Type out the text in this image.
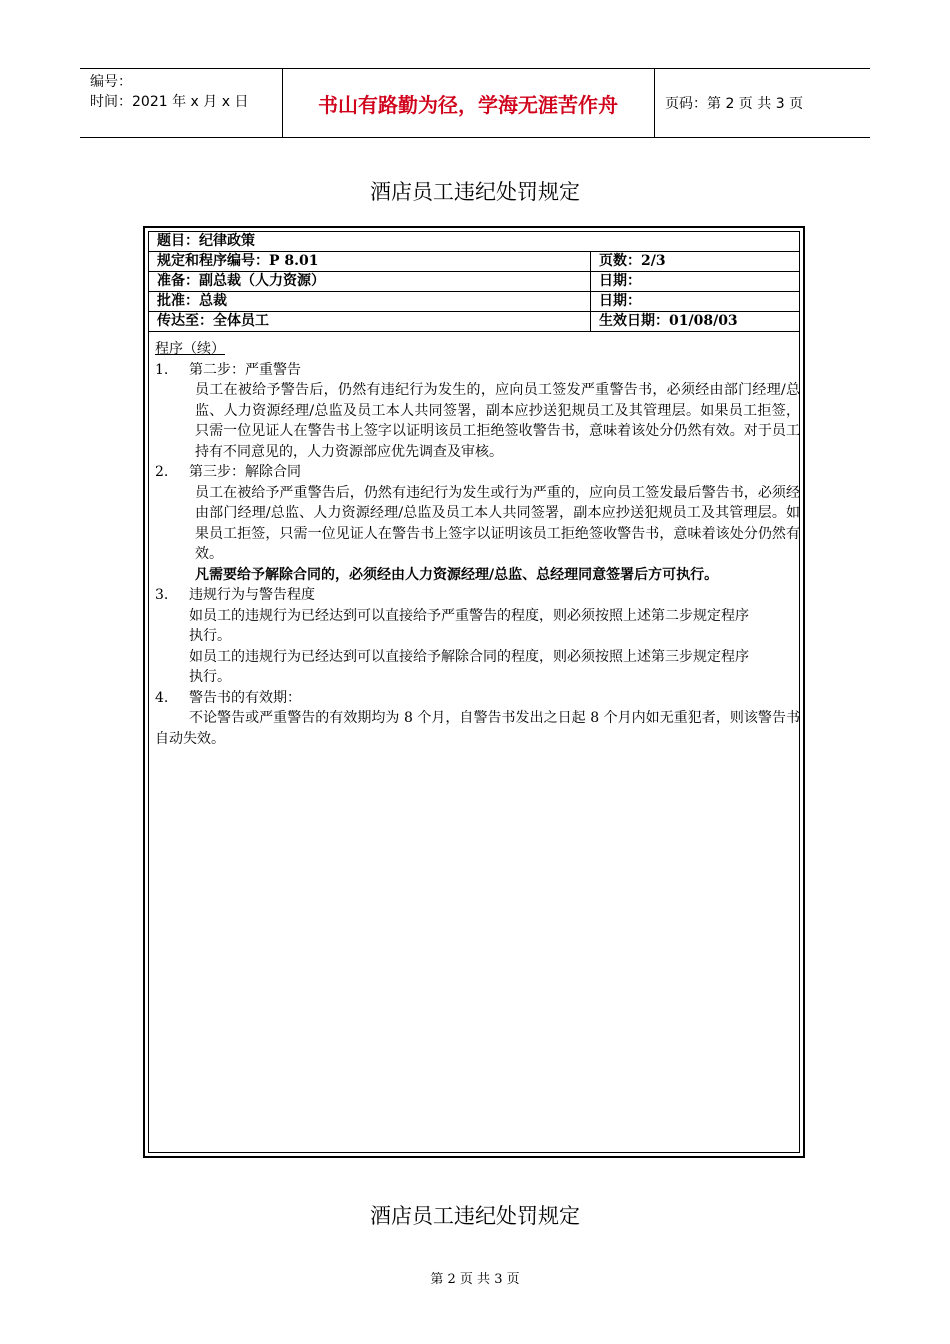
编号：
时间：2021 年 x 月 x 日	书山有路勤为径，学海无涯苦作舟	页码：第 2 页 共 3 页
酒店员工违纪处罚规定
题目：纪律政策	
规定和程序编号：P 8.01	页数：2/3
准备：副总裁（人力资源）	日期：
批准：总裁	日期：
传达至：全体员工	生效日期：01/08/03

程序（续）

1. 第二步：严重警告

员工在被给予警告后，仍然有违纪行为发生的，应向员工签发严重警告书，必须经由部门经理/总监、人力资源经理/总监及员工本人共同签署，副本应抄送犯规员工及其管理层。如果员工拒签，只需一位见证人在警告书上签字以证明该员工拒绝签收警告书，意味着该处分仍然有效。对于员工持有不同意见的，人力资源部应优先调查及审核。

2. 第三步：解除合同

员工在被给予严重警告后，仍然有违纪行为发生或行为严重的，应向员工签发最后警告书，必须经由部门经理/总监、人力资源经理/总监及员工本人共同签署，副本应抄送犯规员工及其管理层。如果员工拒签，只需一位见证人在警告书上签字以证明该员工拒绝签收警告书，意味着该处分仍然有效。

凡需要给予解除合同的，必须经由人力资源经理/总监、总经理同意签署后方可执行。

3. 违规行为与警告程度

如员工的违规行为已经达到可以直接给予严重警告的程度，则必须按照上述第二步规定程序

执行。

如员工的违规行为已经达到可以直接给予解除合同的程度，则必须按照上述第三步规定程序

执行。

4. 警告书的有效期：

不论警告或严重警告的有效期均为 8 个月，自警告书发出之日起 8 个月内如无重犯者，则该警告书自动失效。

酒店员工违纪处罚规定
第 2 页 共 3 页
